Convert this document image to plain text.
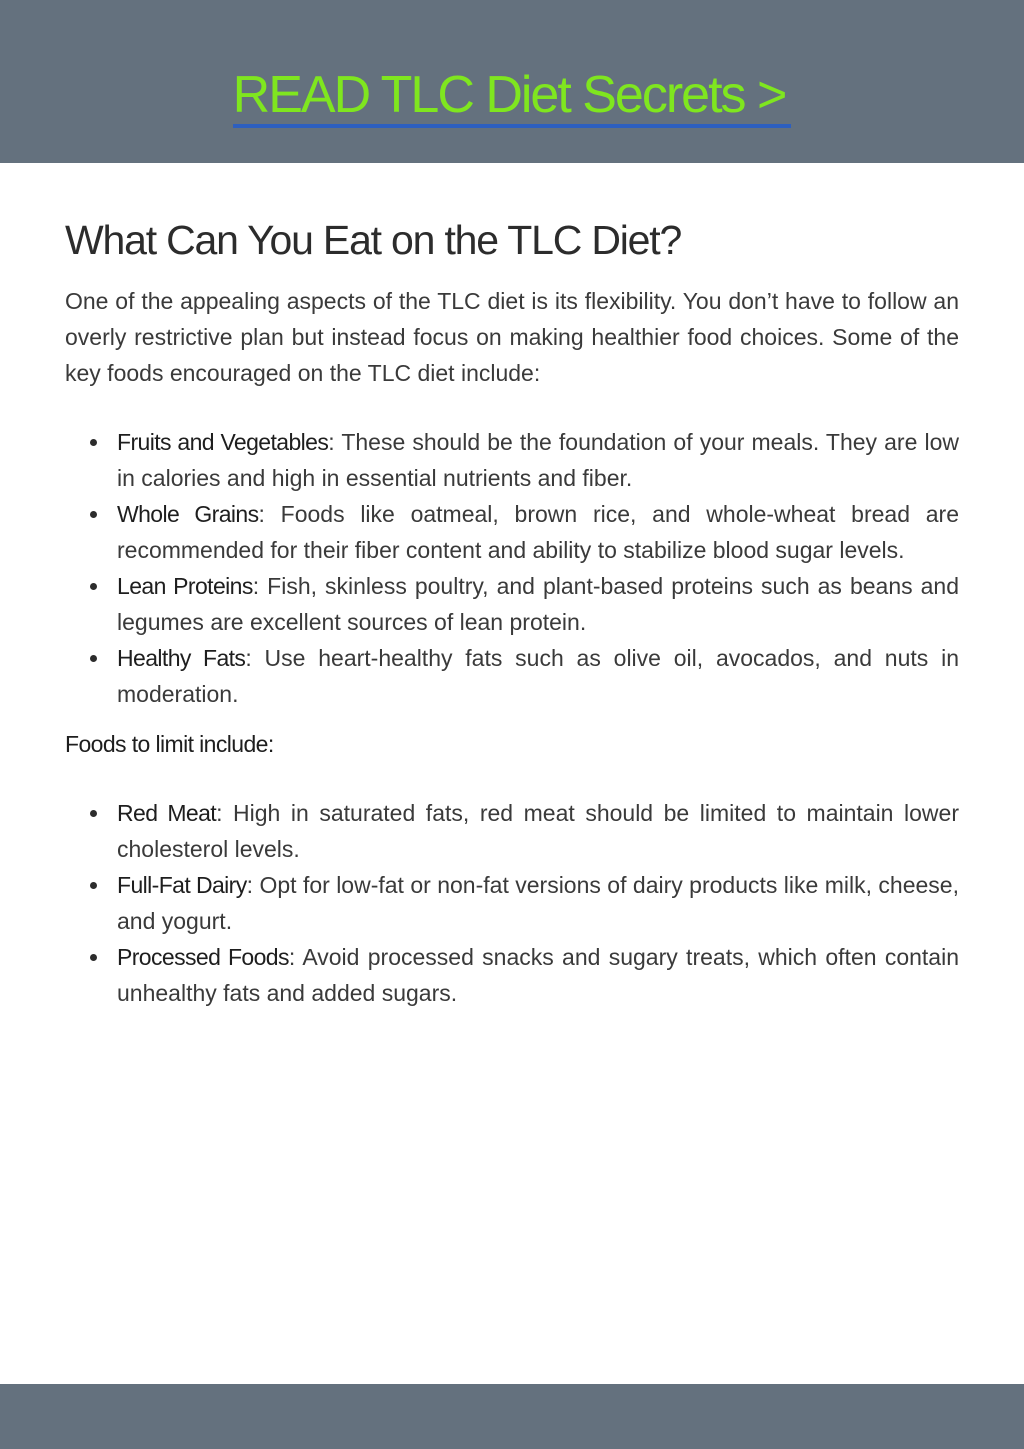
READ TLC Diet Secrets >
What Can You Eat on the TLC Diet?

One of the appealing aspects of the TLC diet is its flexibility. You don’t have to follow an overly restrictive plan but instead focus on making healthier food choices. Some of the key foods encouraged on the TLC diet include:

Fruits and Vegetables: These should be the foundation of your meals. They are low in calories and high in essential nutrients and fiber.
Whole Grains: Foods like oatmeal, brown rice, and whole-wheat bread are recommended for their fiber content and ability to stabilize blood sugar levels.
Lean Proteins: Fish, skinless poultry, and plant-based proteins such as beans and legumes are excellent sources of lean protein.
Healthy Fats: Use heart-healthy fats such as olive oil, avocados, and nuts in moderation.

Foods to limit include:

Red Meat: High in saturated fats, red meat should be limited to maintain lower cholesterol levels.
Full-Fat Dairy: Opt for low-fat or non-fat versions of dairy products like milk, cheese, and yogurt.
Processed Foods: Avoid processed snacks and sugary treats, which often contain unhealthy fats and added sugars.
